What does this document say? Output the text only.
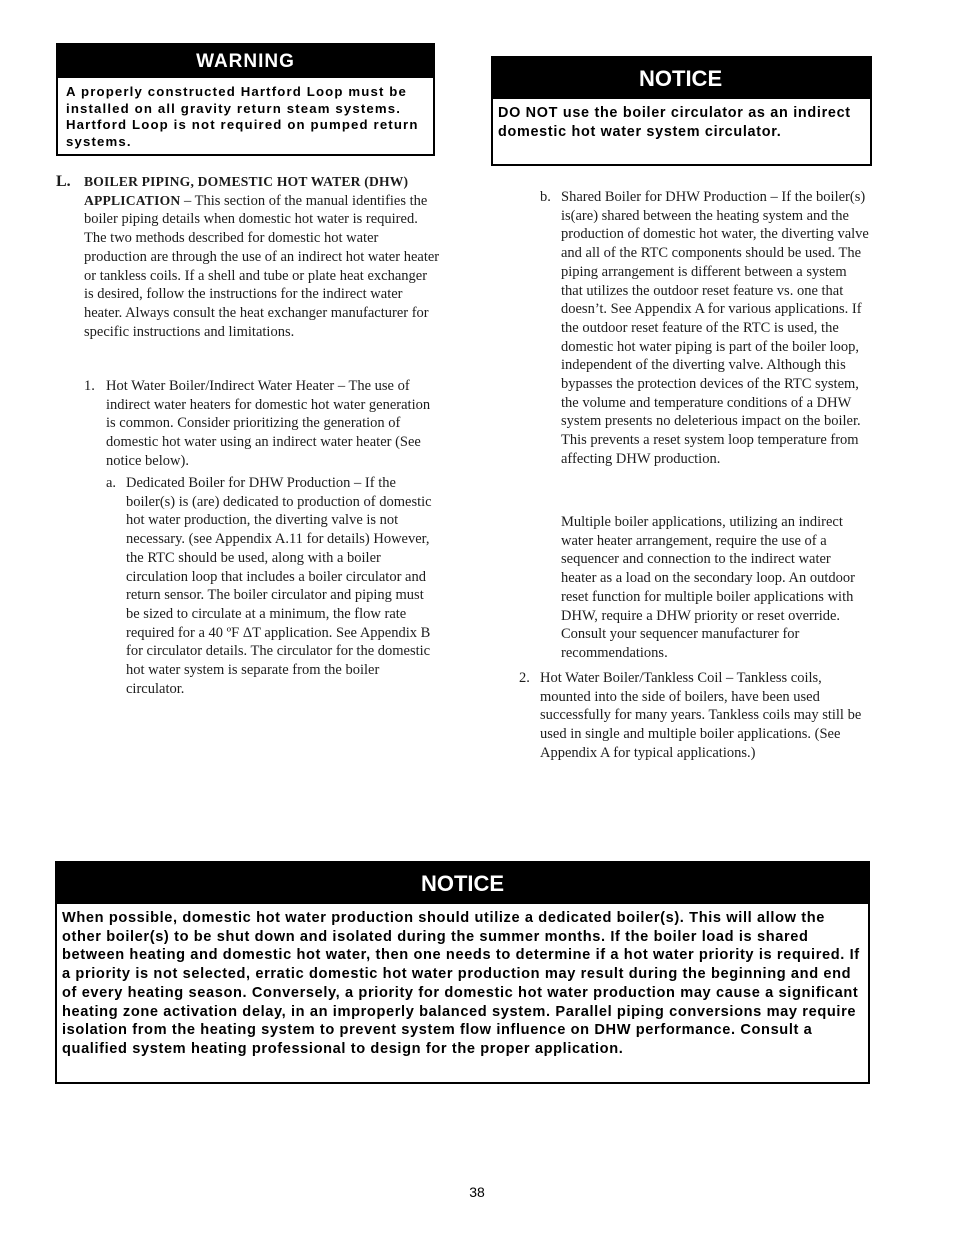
WARNING
A properly constructed Hartford Loop must be installed on all gravity return steam systems. Hartford Loop is not required on pumped return systems.
NOTICE
DO NOT use the boiler circulator as an indirect domestic hot water system circulator.
L. BOILER PIPING, DOMESTIC HOT WATER (DHW) APPLICATION – This section of the manual identifies the boiler piping details when domestic hot water is required. The two methods described for domestic hot water production are through the use of an indirect hot water heater or tankless coils. If a shell and tube or plate heat exchanger is desired, follow the instructions for the indirect water heater. Always consult the heat exchanger manufacturer for specific instructions and limitations.
1. Hot Water Boiler/Indirect Water Heater – The use of indirect water heaters for domestic hot water generation is common. Consider prioritizing the generation of domestic hot water using an indirect water heater (See notice below).
a. Dedicated Boiler for DHW Production – If the boiler(s) is (are) dedicated to production of domestic hot water production, the diverting valve is not necessary. (see Appendix A.11 for details) However, the RTC should be used, along with a boiler circulation loop that includes a boiler circulator and return sensor. The boiler circulator and piping must be sized to circulate at a minimum, the flow rate required for a 40 ºF ΔT application. See Appendix B for circulator details. The circulator for the domestic hot water system is separate from the boiler circulator.
b. Shared Boiler for DHW Production – If the boiler(s) is(are) shared between the heating system and the production of domestic hot water, the diverting valve and all of the RTC components should be used. The piping arrangement is different between a system that utilizes the outdoor reset feature vs. one that doesn’t. See Appendix A for various applications. If the outdoor reset feature of the RTC is used, the domestic hot water piping is part of the boiler loop, independent of the diverting valve. Although this bypasses the protection devices of the RTC system, the volume and temperature conditions of a DHW system presents no deleterious impact on the boiler. This prevents a reset system loop temperature from affecting DHW production.
Multiple boiler applications, utilizing an indirect water heater arrangement, require the use of a sequencer and connection to the indirect water heater as a load on the secondary loop. An outdoor reset function for multiple boiler applications with DHW, require a DHW priority or reset override. Consult your sequencer manufacturer for recommendations.
2. Hot Water Boiler/Tankless Coil – Tankless coils, mounted into the side of boilers, have been used successfully for many years. Tankless coils may still be used in single and multiple boiler applications. (See Appendix A for typical applications.)
NOTICE
When possible, domestic hot water production should utilize a dedicated boiler(s). This will allow the other boiler(s) to be shut down and isolated during the summer months. If the boiler load is shared between heating and domestic hot water, then one needs to determine if a hot water priority is required. If a priority is not selected, erratic domestic hot water production may result during the beginning and end of every heating season. Conversely, a priority for domestic hot water production may cause a significant heating zone activation delay, in an improperly balanced system. Parallel piping conversions may require isolation from the heating system to prevent system flow influence on DHW performance. Consult a qualified system heating professional to design for the proper application.
38
